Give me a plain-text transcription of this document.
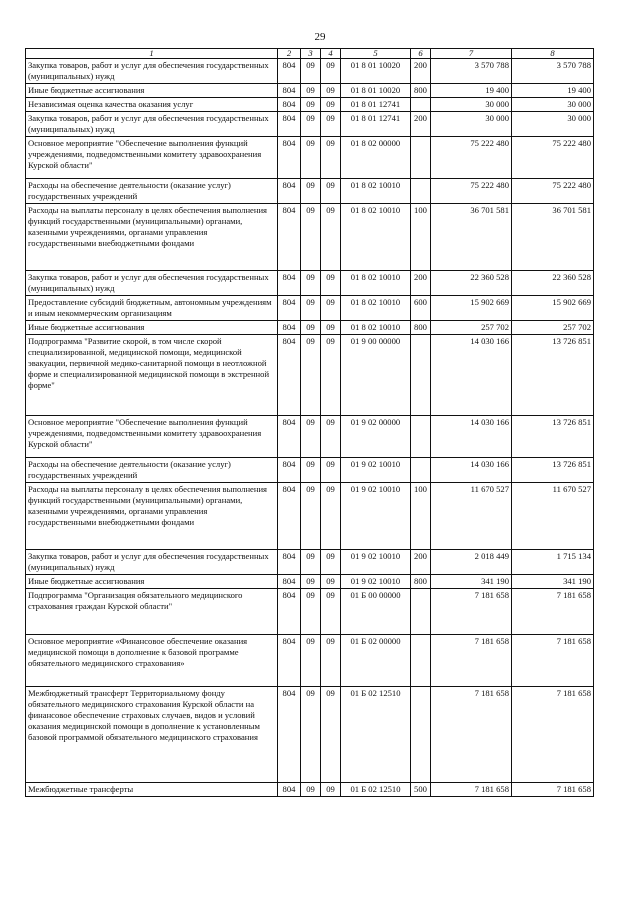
29
1	2	3	4	5	6	7	8
Закупка товаров, работ и услуг для обеспечения государственных (муниципальных) нужд	804	09	09	01 8 01 10020	200	3 570 788	3 570 788
Иные бюджетные ассигнования	804	09	09	01 8 01 10020	800	19 400	19 400
Независимая оценка качества оказания услуг	804	09	09	01 8 01 12741		30 000	30 000
Закупка товаров, работ и услуг для обеспечения государственных (муниципальных) нужд	804	09	09	01 8 01 12741	200	30 000	30 000
Основное мероприятие "Обеспечение выполнения функций учреждениями, подведомственными комитету здравоохранения Курской области"	804	09	09	01 8 02 00000		75 222 480	75 222 480
Расходы на обеспечение деятельности (оказание услуг) государственных учреждений	804	09	09	01 8 02 10010		75 222 480	75 222 480
Расходы на выплаты персоналу в целях обеспечения выполнения функций государственными (муниципальными) органами, казенными учреждениями, органами управления государственными внебюджетными фондами	804	09	09	01 8 02 10010	100	36 701 581	36 701 581
Закупка товаров, работ и услуг для обеспечения государственных (муниципальных) нужд	804	09	09	01 8 02 10010	200	22 360 528	22 360 528
Предоставление субсидий бюджетным, автономным учреждениям и иным некоммерческим организациям	804	09	09	01 8 02 10010	600	15 902 669	15 902 669
Иные бюджетные ассигнования	804	09	09	01 8 02 10010	800	257 702	257 702
Подпрограмма "Развитие скорой, в том числе скорой специализированной, медицинской помощи, медицинской эвакуации, первичной медико-санитарной помощи в неотложной форме и специализированной медицинской помощи в экстренной форме"	804	09	09	01 9 00 00000		14 030 166	13 726 851
Основное мероприятие "Обеспечение выполнения функций учреждениями, подведомственными комитету здравоохранения Курской области"	804	09	09	01 9 02 00000		14 030 166	13 726 851
Расходы на обеспечение деятельности (оказание услуг) государственных учреждений	804	09	09	01 9 02 10010		14 030 166	13 726 851
Расходы на выплаты персоналу в целях обеспечения выполнения функций государственными (муниципальными) органами, казенными учреждениями, органами управления государственными внебюджетными фондами	804	09	09	01 9 02 10010	100	11 670 527	11 670 527
Закупка товаров, работ и услуг для обеспечения государственных (муниципальных) нужд	804	09	09	01 9 02 10010	200	2 018 449	1 715 134
Иные бюджетные ассигнования	804	09	09	01 9 02 10010	800	341 190	341 190
Подпрограмма "Организация обязательного медицинского страхования граждан Курской области"	804	09	09	01 Б 00 00000		7 181 658	7 181 658
Основное мероприятие «Финансовое обеспечение оказания медицинской помощи в дополнение к базовой программе обязательного медицинского страхования»	804	09	09	01 Б 02 00000		7 181 658	7 181 658
Межбюджетный трансферт Территориальному фонду обязательного медицинского страхования Курской области на финансовое обеспечение страховых случаев, видов и условий оказания медицинской помощи в дополнение к установленным базовой программой обязательного медицинского страхования	804	09	09	01 Б 02 12510		7 181 658	7 181 658
Межбюджетные трансферты	804	09	09	01 Б 02 12510	500	7 181 658	7 181 658
